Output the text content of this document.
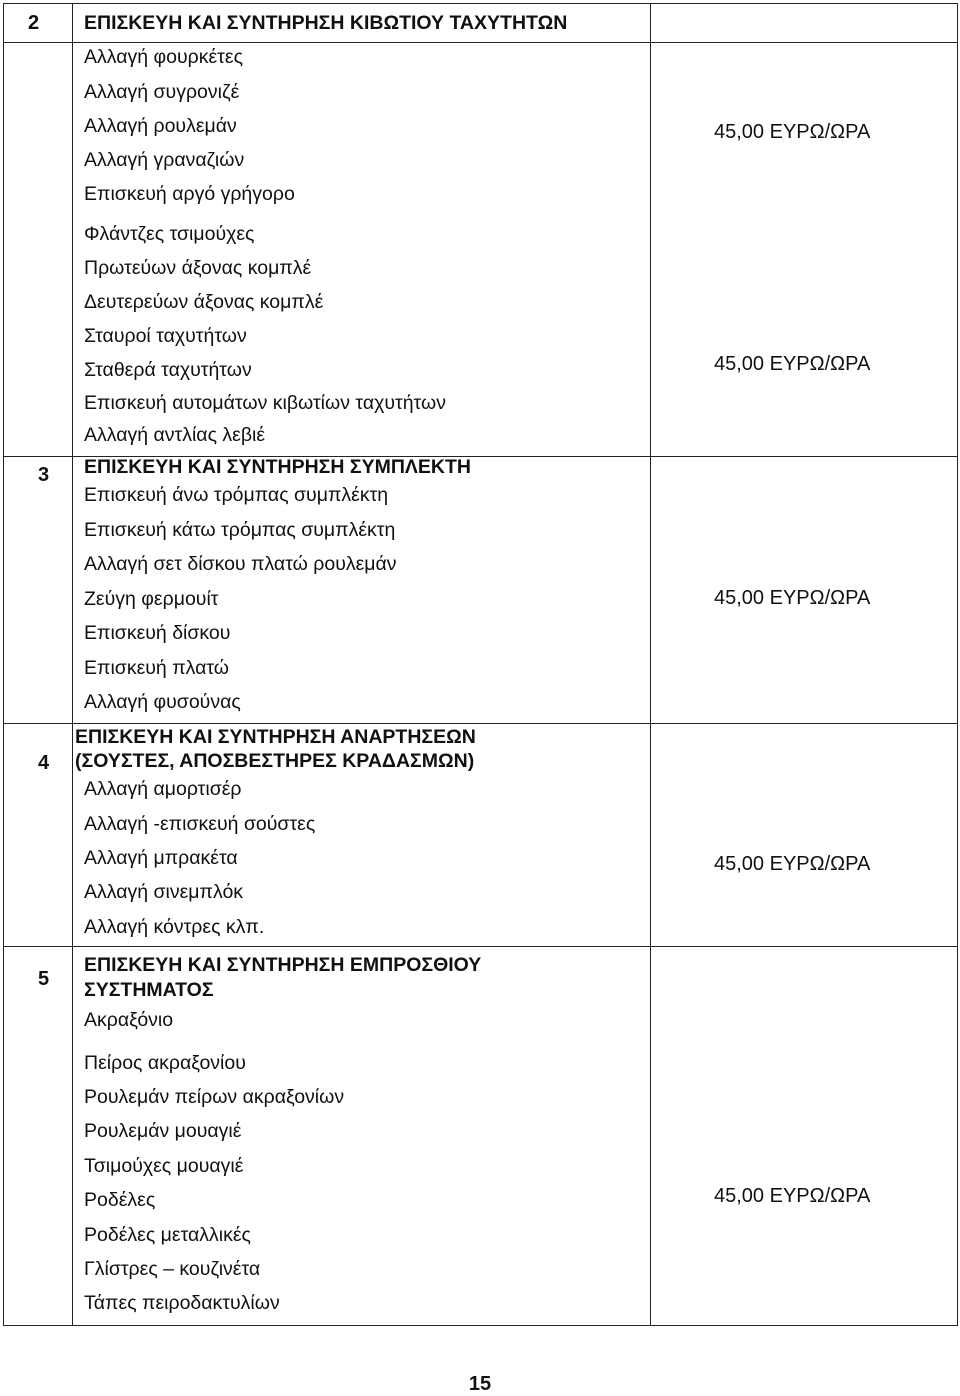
2 ΕΠΙΣΚΕΥΗ ΚΑΙ ΣΥΝΤΗΡΗΣΗ ΚΙΒΩΤΙΟΥ ΤΑΧΥΤΗΤΩΝ
Αλλαγή φουρκέτες
Αλλαγή συγρονιζέ
Αλλαγή ρουλεμάν
Αλλαγή γραναζιών
Επισκευή αργό γρήγορο
Φλάντζες τσιμούχες
Πρωτεύων άξονας κομπλέ
Δευτερεύων άξονας κομπλέ
Σταυροί ταχυτήτων
Σταθερά ταχυτήτων
Επισκευή αυτομάτων κιβωτίων ταχυτήτων
Αλλαγή αντλίας λεβιέ
45,00 ΕΥΡΩ/ΩΡΑ
45,00 ΕΥΡΩ/ΩΡΑ
3 ΕΠΙΣΚΕΥΗ ΚΑΙ ΣΥΝΤΗΡΗΣΗ ΣΥΜΠΛΕΚΤΗ
Επισκευή άνω τρόμπας συμπλέκτη
Επισκευή κάτω τρόμπας συμπλέκτη
Αλλαγή σετ δίσκου πλατώ ρουλεμάν
Ζεύγη φερμουίτ
Επισκευή δίσκου
Επισκευή πλατώ
Αλλαγή φυσούνας
45,00 ΕΥΡΩ/ΩΡΑ
4
ΕΠΙΣΚΕΥΗ ΚΑΙ ΣΥΝΤΗΡΗΣΗ ΑΝΑΡΤΗΣΕΩΝ
(ΣΟΥΣΤΕΣ, ΑΠΟΣΒΕΣΤΗΡΕΣ ΚΡΑΔΑΣΜΩΝ)
Αλλαγή αμορτισέρ
Αλλαγή -επισκευή σούστες
Αλλαγή μπρακέτα
Αλλαγή σινεμπλόκ
Αλλαγή κόντρες κλπ.
45,00 ΕΥΡΩ/ΩΡΑ
5
ΕΠΙΣΚΕΥΗ ΚΑΙ ΣΥΝΤΗΡΗΣΗ ΕΜΠΡΟΣΘΙΟΥ
ΣΥΣΤΗΜΑΤΟΣ
Ακραξόνιο
Πείρος ακραξονίου
Ρουλεμάν πείρων ακραξονίων
Ρουλεμάν μουαγιέ
Τσιμούχες μουαγιέ
Ροδέλες
Ροδέλες μεταλλικές
Γλίστρες – κουζινέτα
Τάπες πειροδακτυλίων
45,00 ΕΥΡΩ/ΩΡΑ
15
